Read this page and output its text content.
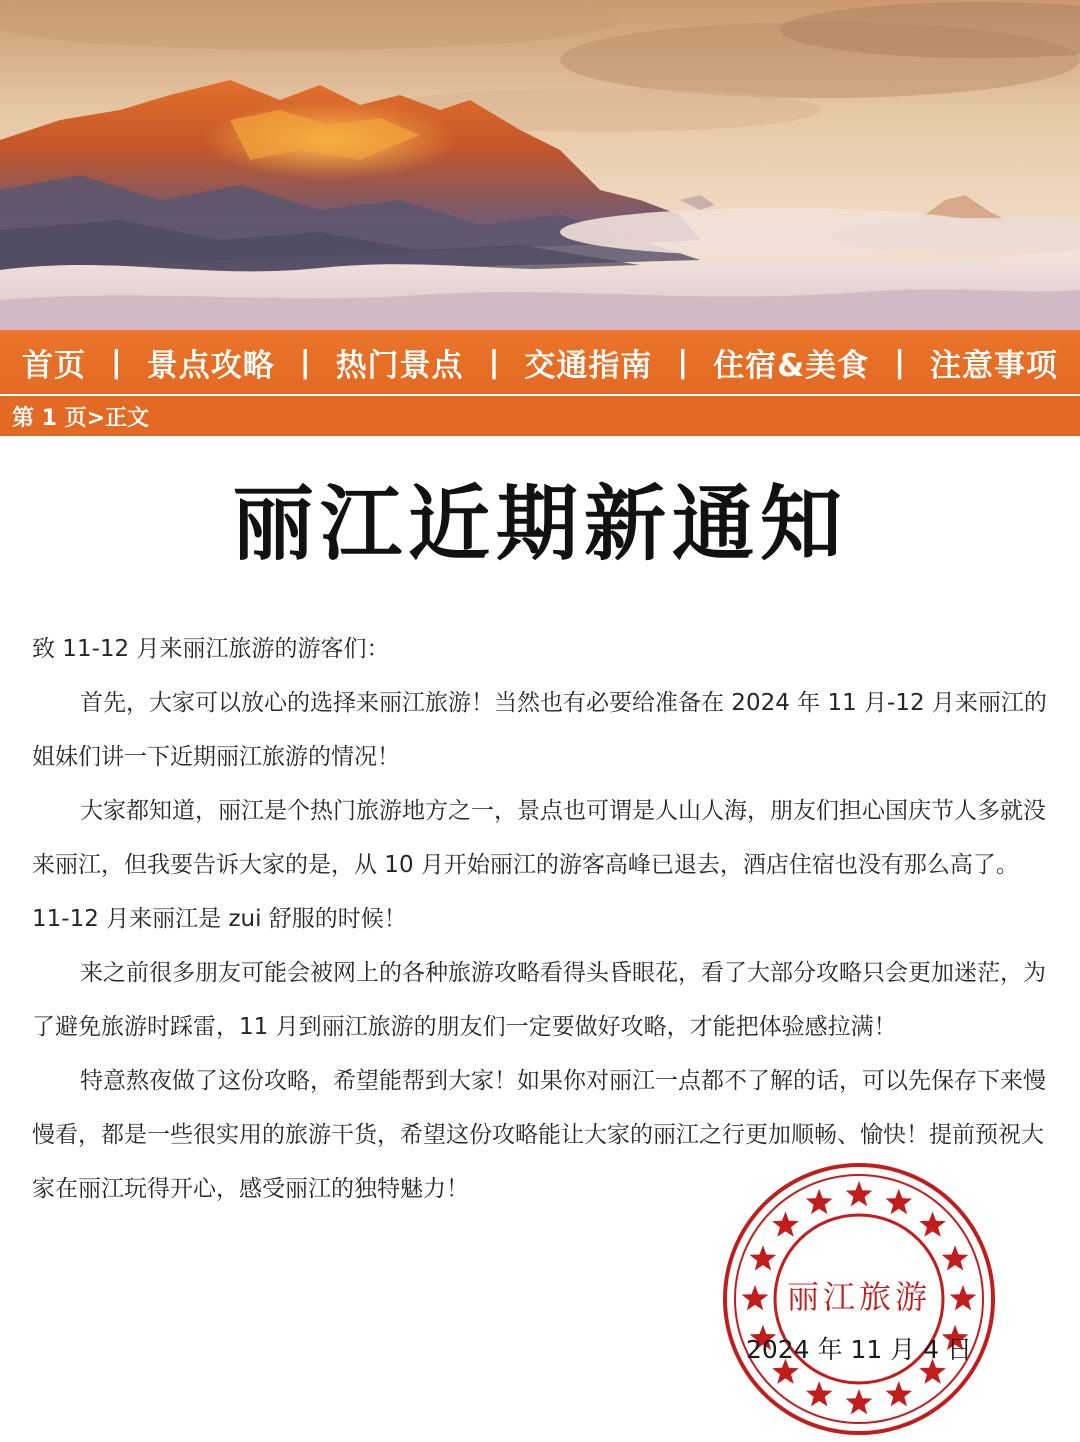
首页 | 景点攻略 | 热门景点 | 交通指南 | 住宿&美食 | 注意事项
第 1 页>正文
丽江近期新通知

致 11-12 月来丽江旅游的游客们：

首先，大家可以放心的选择来丽江旅游！当然也有必要给准备在 2024 年 11 月-12 月来丽江的姐妹们讲一下近期丽江旅游的情况！

大家都知道，丽江是个热门旅游地方之一，景点也可谓是人山人海，朋友们担心国庆节人多就没来丽江，但我要告诉大家的是，从 10 月开始丽江的游客高峰已退去，酒店住宿也没有那么高了。11-12 月来丽江是 zui 舒服的时候！

来之前很多朋友可能会被网上的各种旅游攻略看得头昏眼花，看了大部分攻略只会更加迷茫，为了避免旅游时踩雷，11 月到丽江旅游的朋友们一定要做好攻略，才能把体验感拉满！

特意熬夜做了这份攻略，希望能帮到大家！如果你对丽江一点都不了解的话，可以先保存下来慢慢看，都是一些很实用的旅游干货，希望这份攻略能让大家的丽江之行更加顺畅、愉快！提前预祝大家在丽江玩得开心，感受丽江的独特魅力！

丽江旅游
2024 年 11 月 4 日
